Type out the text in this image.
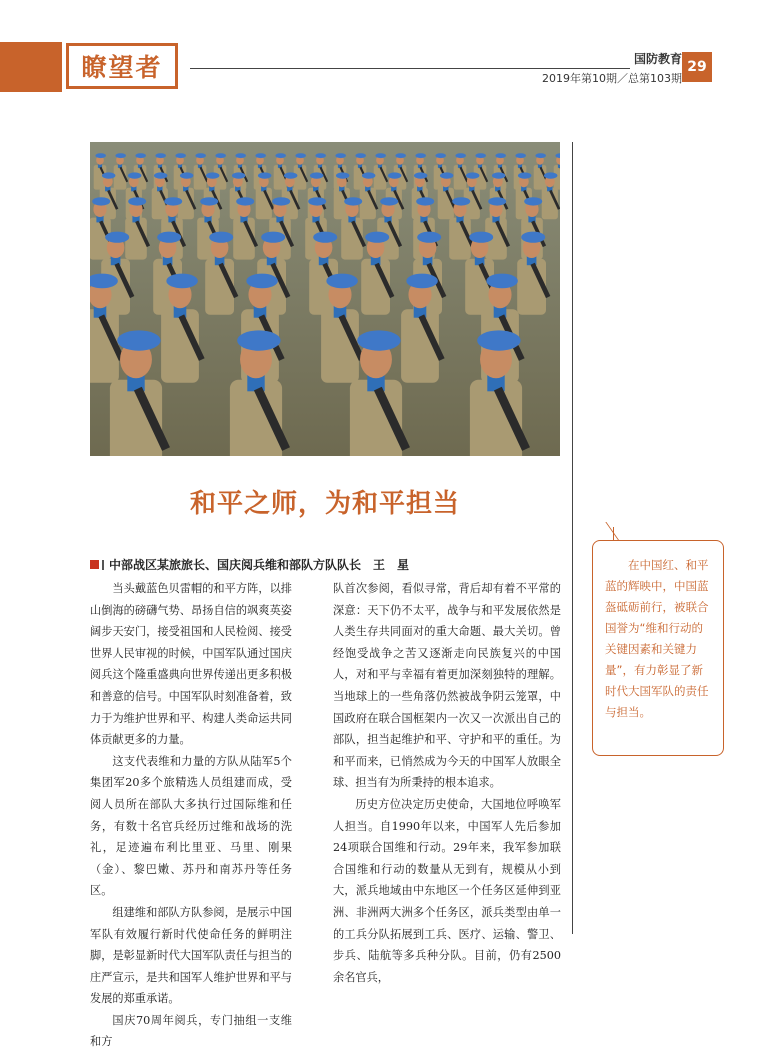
瞭望者	国防教育
2019年第10期／总第103期
29
和平之师，为和平担当
中部战区某旅旅长、国庆阅兵维和部队方队队长　王　星

当头戴蓝色贝雷帽的和平方阵，以排山倒海的磅礴气势、昂扬自信的飒爽英姿阔步天安门，接受祖国和人民检阅、接受世界人民审视的时候，中国军队通过国庆阅兵这个隆重盛典向世界传递出更多积极和善意的信号。中国军队时刻准备着，致力于为维护世界和平、构建人类命运共同体贡献更多的力量。

这支代表维和力量的方队从陆军5个集团军20多个旅精选人员组建而成，受阅人员所在部队大多执行过国际维和任务，有数十名官兵经历过维和战场的洗礼，足迹遍布利比里亚、马里、刚果（金）、黎巴嫩、苏丹和南苏丹等任务区。

组建维和部队方队参阅，是展示中国军队有效履行新时代使命任务的鲜明注脚，是彰显新时代大国军队责任与担当的庄严宣示，是共和国军人维护世界和平与发展的郑重承诺。

国庆70周年阅兵，专门抽组一支维和方

队首次参阅，看似寻常，背后却有着不平常的深意：天下仍不太平，战争与和平发展依然是人类生存共同面对的重大命题、最大关切。曾经饱受战争之苦又逐渐走向民族复兴的中国人，对和平与幸福有着更加深刻独特的理解。当地球上的一些角落仍然被战争阴云笼罩，中国政府在联合国框架内一次又一次派出自己的部队，担当起维护和平、守护和平的重任。为和平而来，已悄然成为今天的中国军人放眼全球、担当有为所秉持的根本追求。

历史方位决定历史使命，大国地位呼唤军人担当。自1990年以来，中国军人先后参加24项联合国维和行动。29年来，我军参加联合国维和行动的数量从无到有，规模从小到大，派兵地域由中东地区一个任务区延伸到亚洲、非洲两大洲多个任务区，派兵类型由单一的工兵分队拓展到工兵、医疗、运输、警卫、步兵、陆航等多兵种分队。目前，仍有2500余名官兵，

在中国红、和平蓝的辉映中，中国蓝盔砥砺前行，被联合国誉为“维和行动的关键因素和关键力量”，有力彰显了新时代大国军队的责任与担当。
